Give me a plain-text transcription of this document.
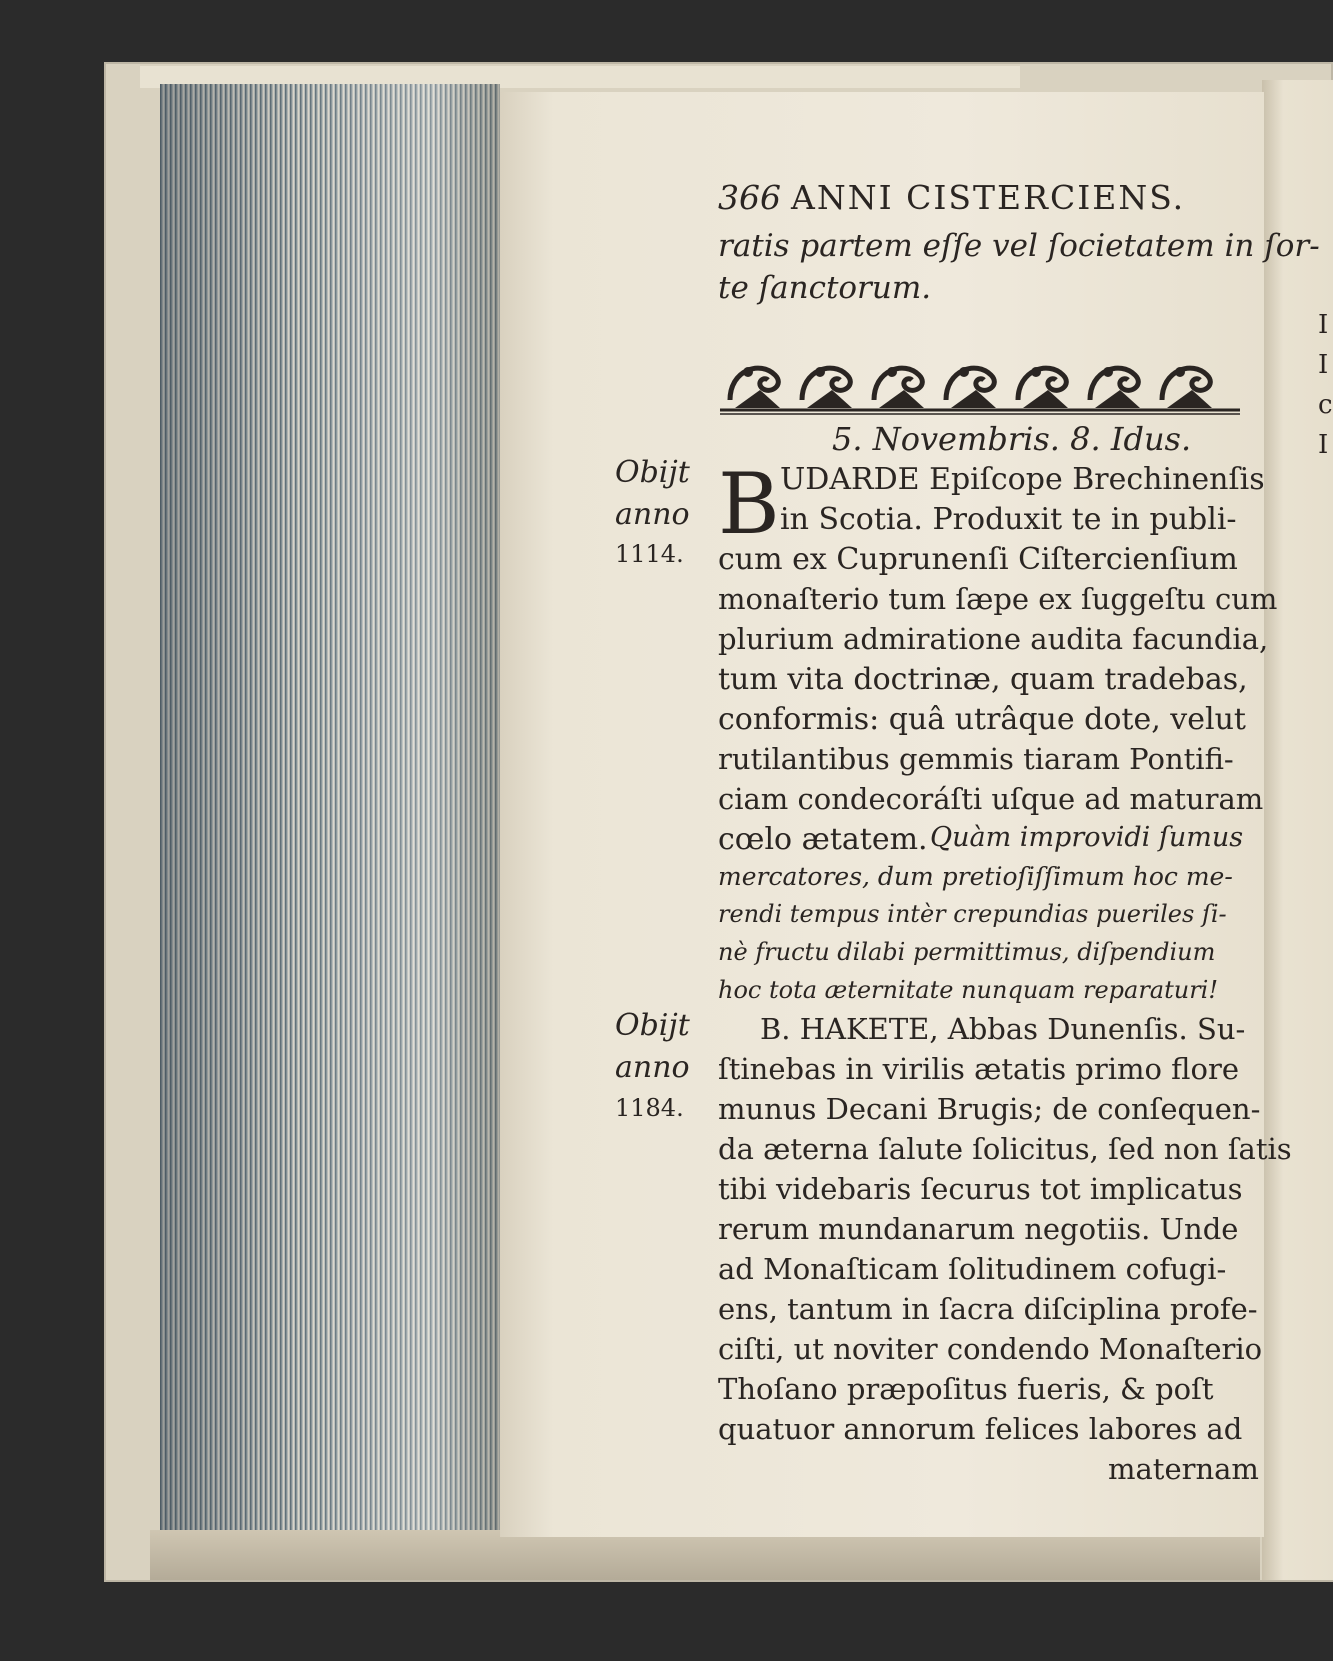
I
I
c
I
366 ANNI CISTERCIENS.
ratis partem eſſe vel ſocietatem in ſor-
te ſanctorum.
5. Novembris. 8. Idus.
Obijt
anno
1114.
B UDARDE Epiſcope Brechinenſis
in Scotia. Produxit te in publi-
cum ex Cuprunenſi Ciſtercienſium
monaſterio tum ſæpe ex ſuggeſtu cum
plurium admiratione audita facundia,
tum vita doctrinæ, quam tradebas,
conformis: quâ utrâque dote, velut
rutilantibus gemmis tiaram Pontifi-
ciam condecoráſti uſque ad maturam
cœlo ætatem. Quàm improvidi ſumus
mercatores, dum pretioſiſſimum hoc me-
rendi tempus intèr crepundias pueriles ſi-
nè fructu dilabi permittimus, diſpendium
hoc tota æternitate nunquam reparaturi!
Obijt
anno
1184.
B. HAKETE, Abbas Dunenſis. Su-
ſtinebas in virilis ætatis primo flore
munus Decani Brugis; de conſequen-
da æterna ſalute ſolicitus, ſed non ſatis
tibi videbaris ſecurus tot implicatus
rerum mundanarum negotiis. Unde
ad Monaſticam ſolitudinem cofugi-
ens, tantum in ſacra diſciplina profe-
ciſti, ut noviter condendo Monaſterio
Thoſano præpoſitus fueris, & poſt
quatuor annorum felices labores ad
maternam
